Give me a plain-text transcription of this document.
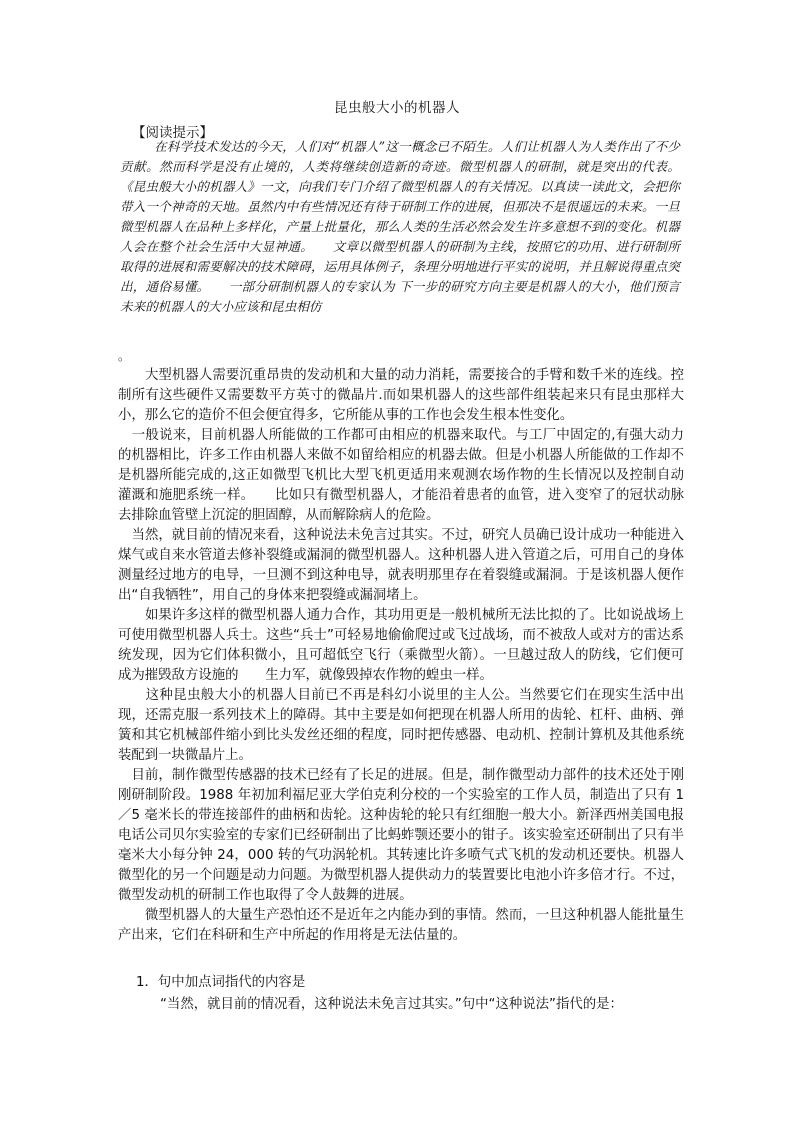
昆虫般大小的机器人
【阅读提示】

在科学技术发达的今天，人们对“机器人”这一概念已不陌生。人们让机器人为人类作出了不少贡献。然而科学是没有止境的，人类将继续创造新的奇迹。微型机器人的研制，就是突出的代表。《昆虫般大小的机器人》一文，向我们专门介绍了微型机器人的有关情况。以真读一读此文，会把你带入一个神奇的天地。虽然内中有些情况还有待于研制工作的进展，但那决不是很遥远的未来。一旦微型机器人在品种上多样化，产量上批量化，那么人类的生活必然会发生许多意想不到的变化。机器人会在整个社会生活中大显神通。　　文章以微型机器人的研制为主线，按照它的功用、进行研制所取得的进展和需要解决的技术障碍，运用具体例子，条理分明地进行平实的说明，并且解说得重点突出，通俗易懂。　　一部分研制机器人的专家认为 下一步的研究方向主要是机器人的大小，他们预言未来的机器人的大小应该和昆虫相仿

。

　　大型机器人需要沉重昂贵的发动机和大量的动力消耗，需要接合的手臂和数千米的连线。控制所有这些硬件又需要数平方英寸的微晶片.而如果机器人的这些部件组装起来只有昆虫那样大小，那么它的造价不但会便宜得多，它所能从事的工作也会发生根本性变化。

　一般说来，目前机器人所能做的工作都可由相应的机器来取代。与工厂中固定的,有强大动力的机器相比，许多工作由机器人来做不如留给相应的机器去做。但是小机器人所能做的工作却不是机器所能完成的,这正如微型飞机比大型飞机更适用来观测农场作物的生长情况以及控制自动灌溉和施肥系统一样。　　比如只有微型机器人，才能沿着患者的血管，进入变窄了的冠状动脉去排除血管壁上沉淀的胆固醇，从而解除病人的危险。

　当然，就目前的情况来看，这种说法未免言过其实。不过，研究人员确已设计成功一种能进入煤气或自来水管道去修补裂缝或漏洞的微型机器人。这种机器人进入管道之后，可用自己的身体测量经过地方的电导，一旦测不到这种电导，就表明那里存在着裂缝或漏洞。于是该机器人便作出“自我牺牲”，用自己的身体来把裂缝或漏洞堵上。

　　如果许多这样的微型机器人通力合作，其功用更是一般机械所无法比拟的了。比如说战场上可使用微型机器人兵士。这些“兵士”可轻易地偷偷爬过或飞过战场，而不被敌人或对方的雷达系统发现，因为它们体积微小，且可超低空飞行（乘微型火箭）。一旦越过敌人的防线，它们便可成为摧毁敌方设施的　　生力军，就像毁掉农作物的蝗虫一样。

　　这种昆虫般大小的机器人目前已不再是科幻小说里的主人公。当然要它们在现实生活中出现，还需克服一系列技术上的障碍。其中主要是如何把现在机器人所用的齿轮、杠杆、曲柄、弹簧和其它机械部件缩小到比头发丝还细的程度，同时把传感器、电动机、控制计算机及其他系统装配到一块微晶片上。

　目前，制作微型传感器的技术已经有了长足的进展。但是，制作微型动力部件的技术还处于刚刚研制阶段。1988 年初加利福尼亚大学伯克利分校的一个实验室的工作人员，制造出了只有 1／5 毫米长的带连接部件的曲柄和齿轮。这种齿轮的轮只有红细胞一般大小。新泽西州美国电报电话公司贝尔实验室的专家们已经研制出了比蚂蚱颚还要小的钳子。该实验室还研制出了只有半毫米大小每分钟 24，000 转的气功涡轮机。其转速比许多喷气式飞机的发动机还要快。机器人微型化的另一个问题是动力问题。为微型机器人提供动力的装置要比电池小许多倍才行。不过，微型发动机的研制工作也取得了令人鼓舞的进展。

　　微型机器人的大量生产恐怕还不是近年之内能办到的事情。然而，一旦这种机器人能批量生产出来，它们在科研和生产中所起的作用将是无法估量的。

1．句中加点词指代的内容是

“当然，就目前的情况看，这种说法未免言过其实。”句中“这种说法”指代的是：
